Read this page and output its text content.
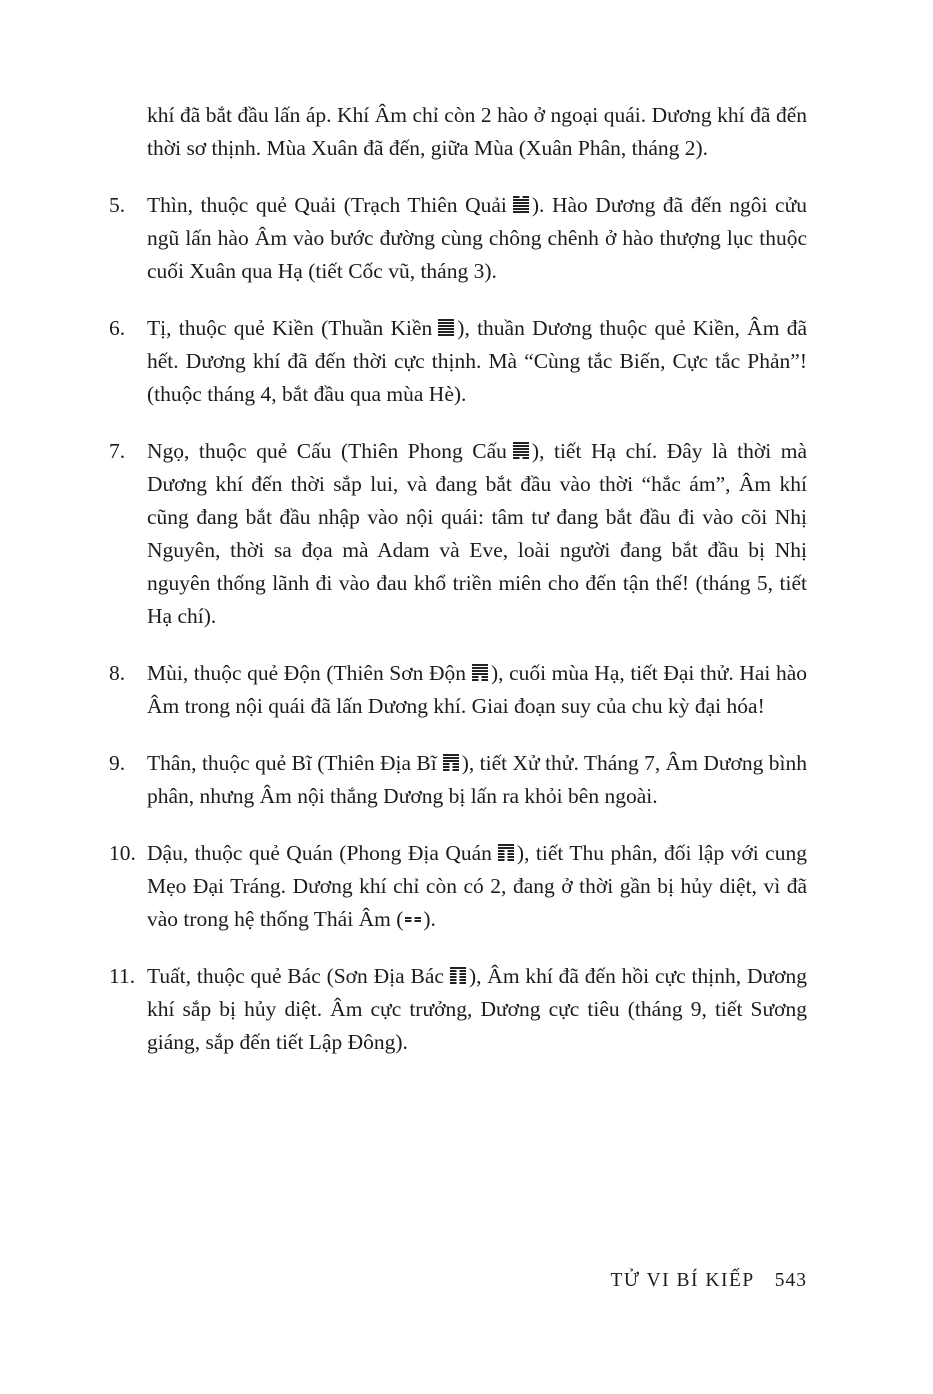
khí đã bắt đầu lấn áp. Khí Âm chỉ còn 2 hào ở ngoại quái. Dương khí đã đến thời sơ thịnh. Mùa Xuân đã đến, giữa Mùa (Xuân Phân, tháng 2).

5.	Thìn, thuộc quẻ Quải (Trạch Thiên Quải ). Hào Dương đã đến ngôi cửu ngũ lấn hào Âm vào bước đường cùng chông chênh ở hào thượng lục thuộc cuối Xuân qua Hạ (tiết Cốc vũ, tháng 3).

6.	Tị, thuộc quẻ Kiền (Thuần Kiền ), thuần Dương thuộc quẻ Kiền, Âm đã hết. Dương khí đã đến thời cực thịnh. Mà “Cùng tắc Biến, Cực tắc Phản”! (thuộc tháng 4, bắt đầu qua mùa Hè).

7.	Ngọ, thuộc quẻ Cấu (Thiên Phong Cấu ), tiết Hạ chí. Đây là thời mà Dương khí đến thời sắp lui, và đang bắt đầu vào thời “hắc ám”, Âm khí cũng đang bắt đầu nhập vào nội quái: tâm tư đang bắt đầu đi vào cõi Nhị Nguyên, thời sa đọa mà Adam và Eve, loài người đang bắt đầu bị Nhị nguyên thống lãnh đi vào đau khổ triền miên cho đến tận thế! (tháng 5, tiết Hạ chí).

8.	Mùi, thuộc quẻ Độn (Thiên Sơn Độn ), cuối mùa Hạ, tiết Đại thử. Hai hào Âm trong nội quái đã lấn Dương khí. Giai đoạn suy của chu kỳ đại hóa!

9.	Thân, thuộc quẻ Bĩ (Thiên Địa Bĩ ), tiết Xử thử. Tháng 7, Âm Dương bình phân, nhưng Âm nội thắng Dương bị lấn ra khỏi bên ngoài.

10. Dậu, thuộc quẻ Quán (Phong Địa Quán ), tiết Thu phân, đối lập với cung Mẹo Đại Tráng. Dương khí chỉ còn có 2, đang ở thời gần bị hủy diệt, vì đã vào trong hệ thống Thái Âm ( ).

11. Tuất, thuộc quẻ Bác (Sơn Địa Bác ), Âm khí đã đến hồi cực thịnh, Dương khí sắp bị hủy diệt. Âm cực trưởng, Dương cực tiêu (tháng 9, tiết Sương giáng, sắp đến tiết Lập Đông).

TỬ VI BÍ KIẾP 543
